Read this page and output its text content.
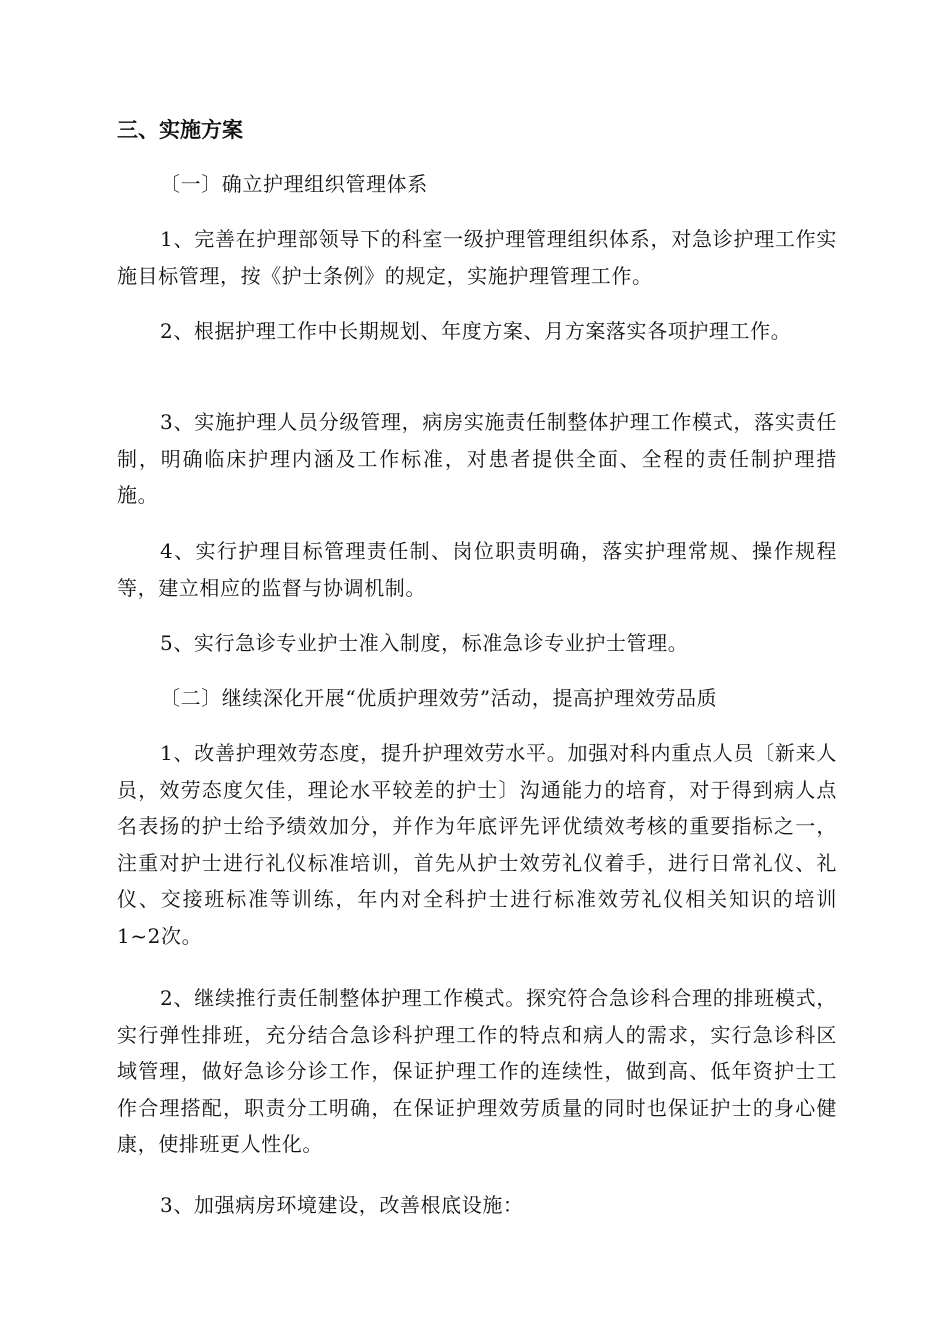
三、实施方案
〔一〕确立护理组织管理体系
1、完善在护理部领导下的科室一级护理管理组织体系，对急诊护理工作实施目标管理，按《护士条例》的规定，实施护理管理工作。
2、根据护理工作中长期规划、年度方案、月方案落实各项护理工作。
3、实施护理人员分级管理，病房实施责任制整体护理工作模式，落实责任制，明确临床护理内涵及工作标准，对患者提供全面、全程的责任制护理措施。
4、实行护理目标管理责任制、岗位职责明确，落实护理常规、操作规程等，建立相应的监督与协调机制。
5、实行急诊专业护士准入制度，标准急诊专业护士管理。
〔二〕继续深化开展“优质护理效劳”活动，提高护理效劳品质
1、改善护理效劳态度，提升护理效劳水平。加强对科内重点人员〔新来人员，效劳态度欠佳，理论水平较差的护士〕沟通能力的培育，对于得到病人点名表扬的护士给予绩效加分，并作为年底评先评优绩效考核的重要指标之一，注重对护士进行礼仪标准培训，首先从护士效劳礼仪着手，进行日常礼仪、礼仪、交接班标准等训练，年内对全科护士进行标准效劳礼仪相关知识的培训1~2次。
2、继续推行责任制整体护理工作模式。探究符合急诊科合理的排班模式，实行弹性排班，充分结合急诊科护理工作的特点和病人的需求，实行急诊科区域管理，做好急诊分诊工作，保证护理工作的连续性，做到高、低年资护士工作合理搭配，职责分工明确，在保证护理效劳质量的同时也保证护士的身心健康，使排班更人性化。
3、加强病房环境建设，改善根底设施：
